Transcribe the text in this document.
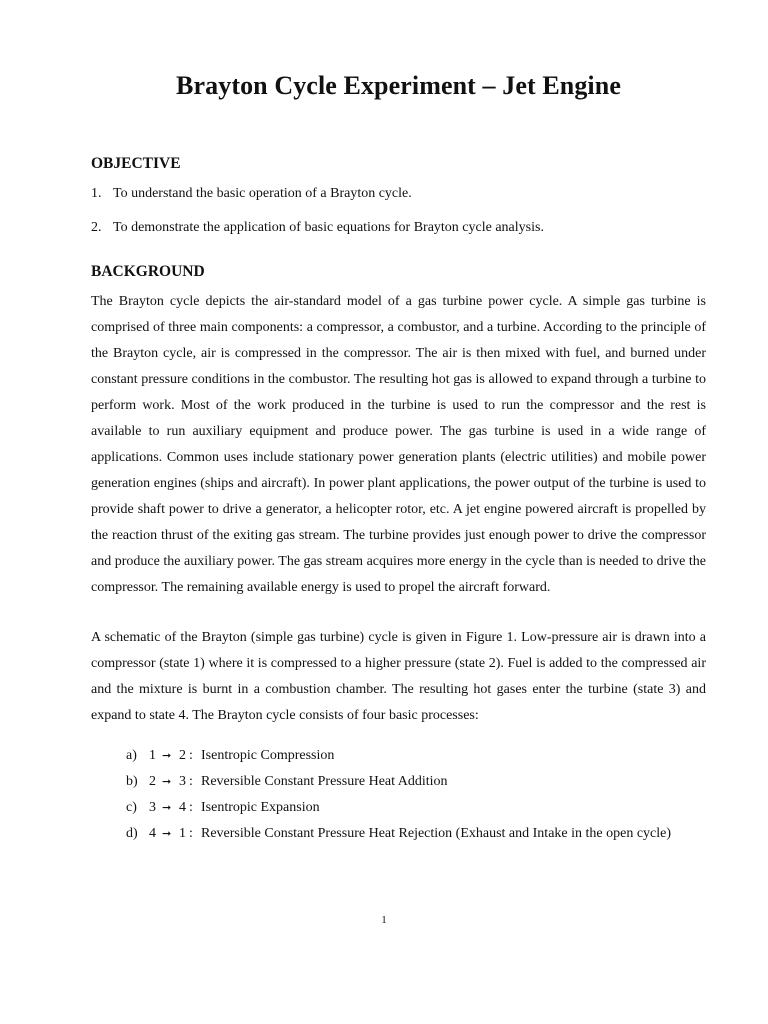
Brayton Cycle Experiment – Jet Engine
OBJECTIVE
1. To understand the basic operation of a Brayton cycle.
2. To demonstrate the application of basic equations for Brayton cycle analysis.
BACKGROUND

The Brayton cycle depicts the air-standard model of a gas turbine power cycle. A simple gas turbine is comprised of three main components: a compressor, a combustor, and a turbine. According to the principle of the Brayton cycle, air is compressed in the compressor. The air is then mixed with fuel, and burned under constant pressure conditions in the combustor. The resulting hot gas is allowed to expand through a turbine to perform work. Most of the work produced in the turbine is used to run the compressor and the rest is available to run auxiliary equipment and produce power. The gas turbine is used in a wide range of applications. Common uses include stationary power generation plants (electric utilities) and mobile power generation engines (ships and aircraft). In power plant applications, the power output of the turbine is used to provide shaft power to drive a generator, a helicopter rotor, etc. A jet engine powered aircraft is propelled by the reaction thrust of the exiting gas stream. The turbine provides just enough power to drive the compressor and produce the auxiliary power. The gas stream acquires more energy in the cycle than is needed to drive the compressor. The remaining available energy is used to propel the aircraft forward.

A schematic of the Brayton (simple gas turbine) cycle is given in Figure 1. Low-pressure air is drawn into a compressor (state 1) where it is compressed to a higher pressure (state 2). Fuel is added to the compressed air and the mixture is burnt in a combustion chamber. The resulting hot gases enter the turbine (state 3) and expand to state 4. The Brayton cycle consists of four basic processes:

a) 1 ➞ 2 : Isentropic Compression
b) 2 ➞ 3 : Reversible Constant Pressure Heat Addition
c) 3 ➞ 4 : Isentropic Expansion
d) 4 ➞ 1 : Reversible Constant Pressure Heat Rejection (Exhaust and Intake in the open cycle)
1
